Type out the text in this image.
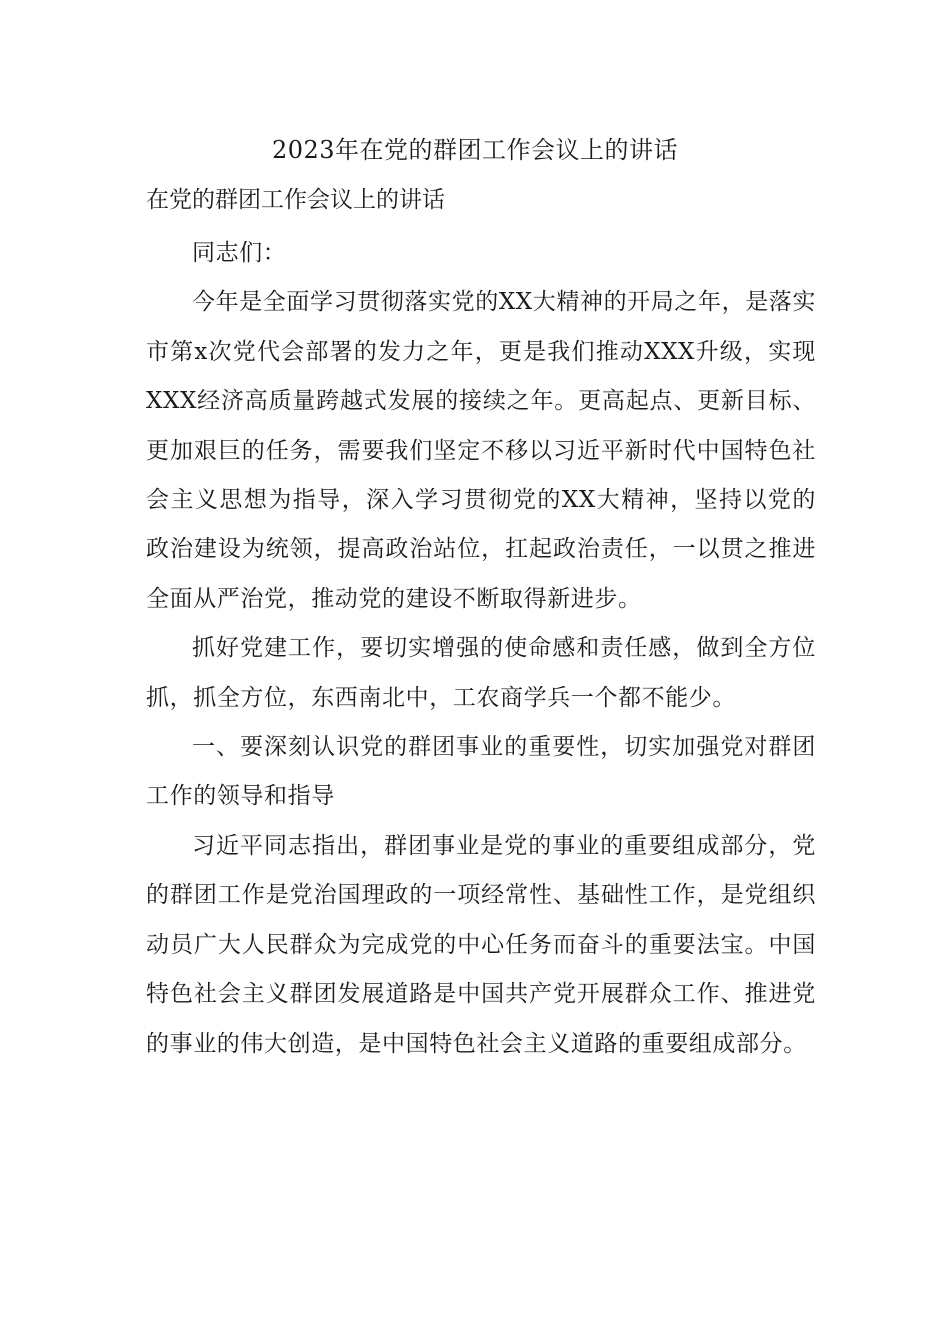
2023年在党的群团工作会议上的讲话
在党的群团工作会议上的讲话

同志们：

今年是全面学习贯彻落实党的XX大精神的开局之年，是落实市第x次党代会部署的发力之年，更是我们推动XXX升级，实现XXX经济高质量跨越式发展的接续之年。更高起点、更新目标、更加艰巨的任务，需要我们坚定不移以习近平新时代中国特色社会主义思想为指导，深入学习贯彻党的XX大精神，坚持以党的政治建设为统领，提高政治站位，扛起政治责任，一以贯之推进全面从严治党，推动党的建设不断取得新进步。

抓好党建工作，要切实增强的使命感和责任感，做到全方位抓，抓全方位，东西南北中，工农商学兵一个都不能少。

一、要深刻认识党的群团事业的重要性，切实加强党对群团工作的领导和指导

习近平同志指出，群团事业是党的事业的重要组成部分，党的群团工作是党治国理政的一项经常性、基础性工作，是党组织动员广大人民群众为完成党的中心任务而奋斗的重要法宝。中国特色社会主义群团发展道路是中国共产党开展群众工作、推进党的事业的伟大创造，是中国特色社会主义道路的重要组成部分。
